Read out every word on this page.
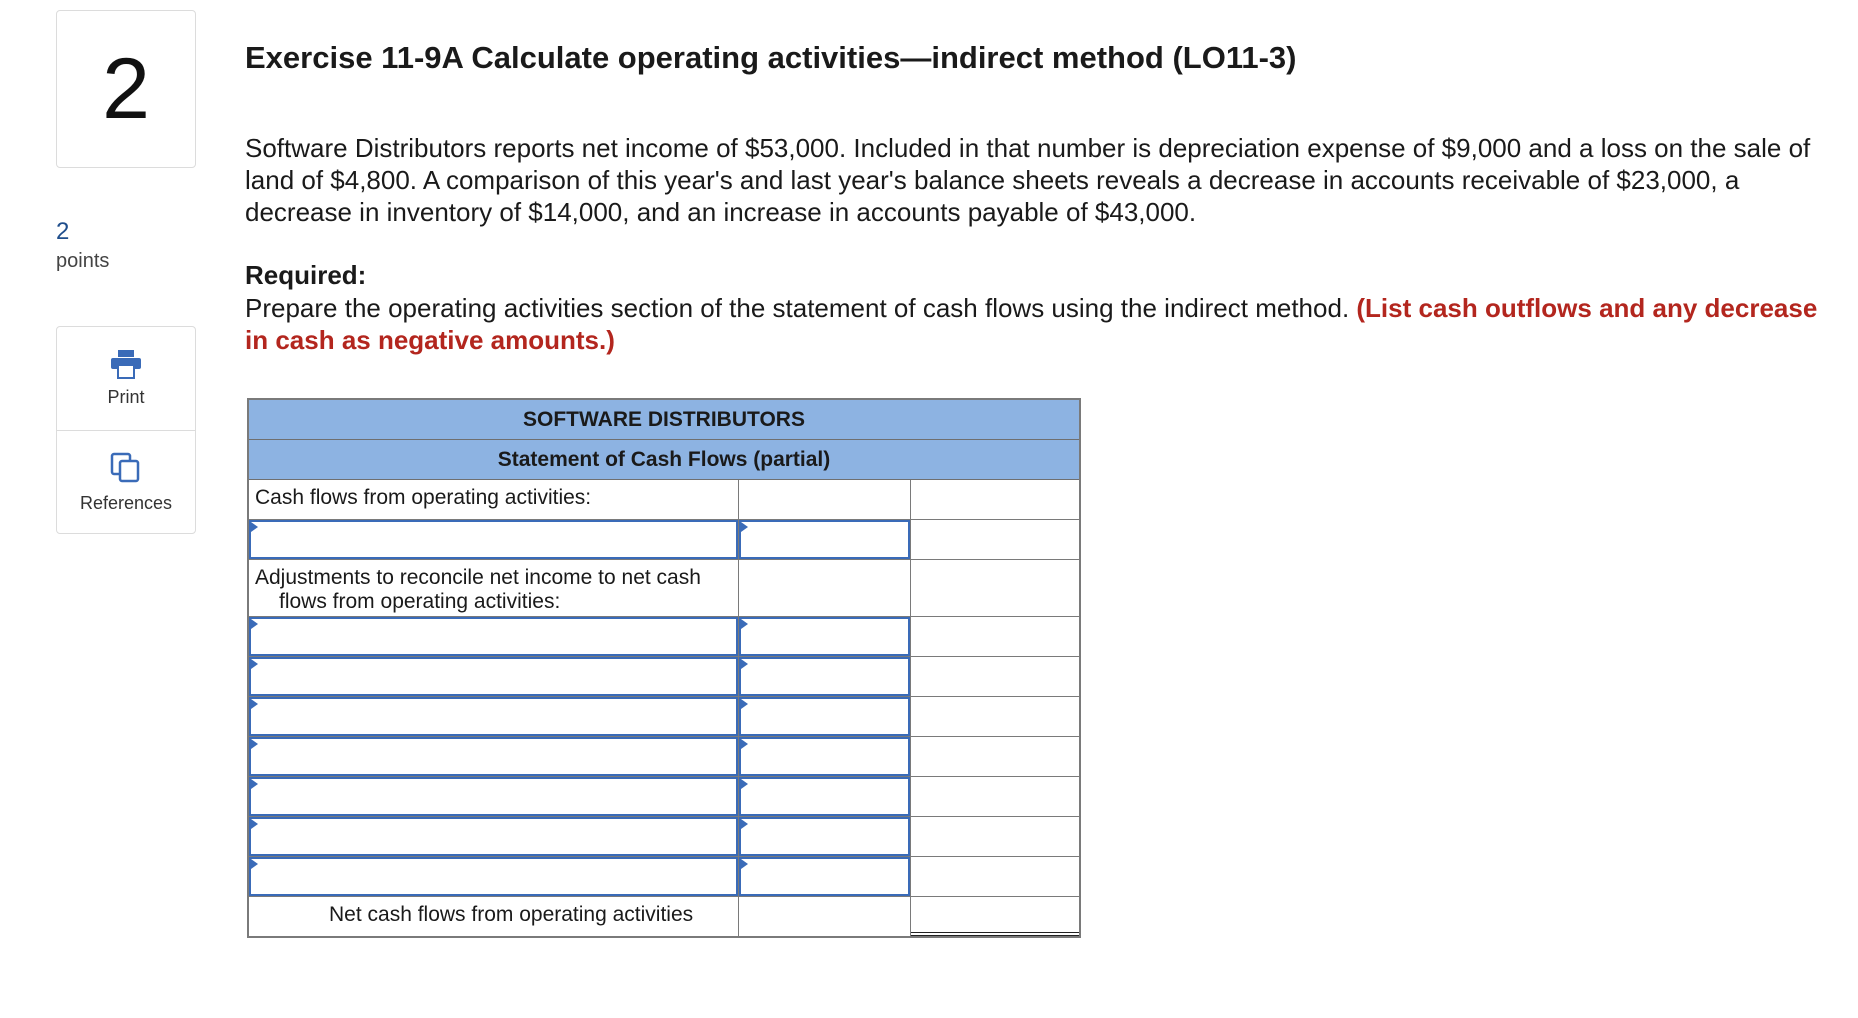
2
2
points
Print
References
Exercise 11-9A Calculate operating activities—indirect method (LO11-3)
Software Distributors reports net income of $53,000. Included in that number is depreciation expense of $9,000 and a loss on the sale of land of $4,800. A comparison of this year's and last year's balance sheets reveals a decrease in accounts receivable of $23,000, a decrease in inventory of $14,000, and an increase in accounts payable of $43,000.
Required:
Prepare the operating activities section of the statement of cash flows using the indirect method. (List cash outflows and any decrease in cash as negative amounts.)
SOFTWARE DISTRIBUTORS
Statement of Cash Flows (partial)
Cash flows from operating activities:
Adjustments to reconcile net income to net cash flows from operating activities:
Net cash flows from operating activities
